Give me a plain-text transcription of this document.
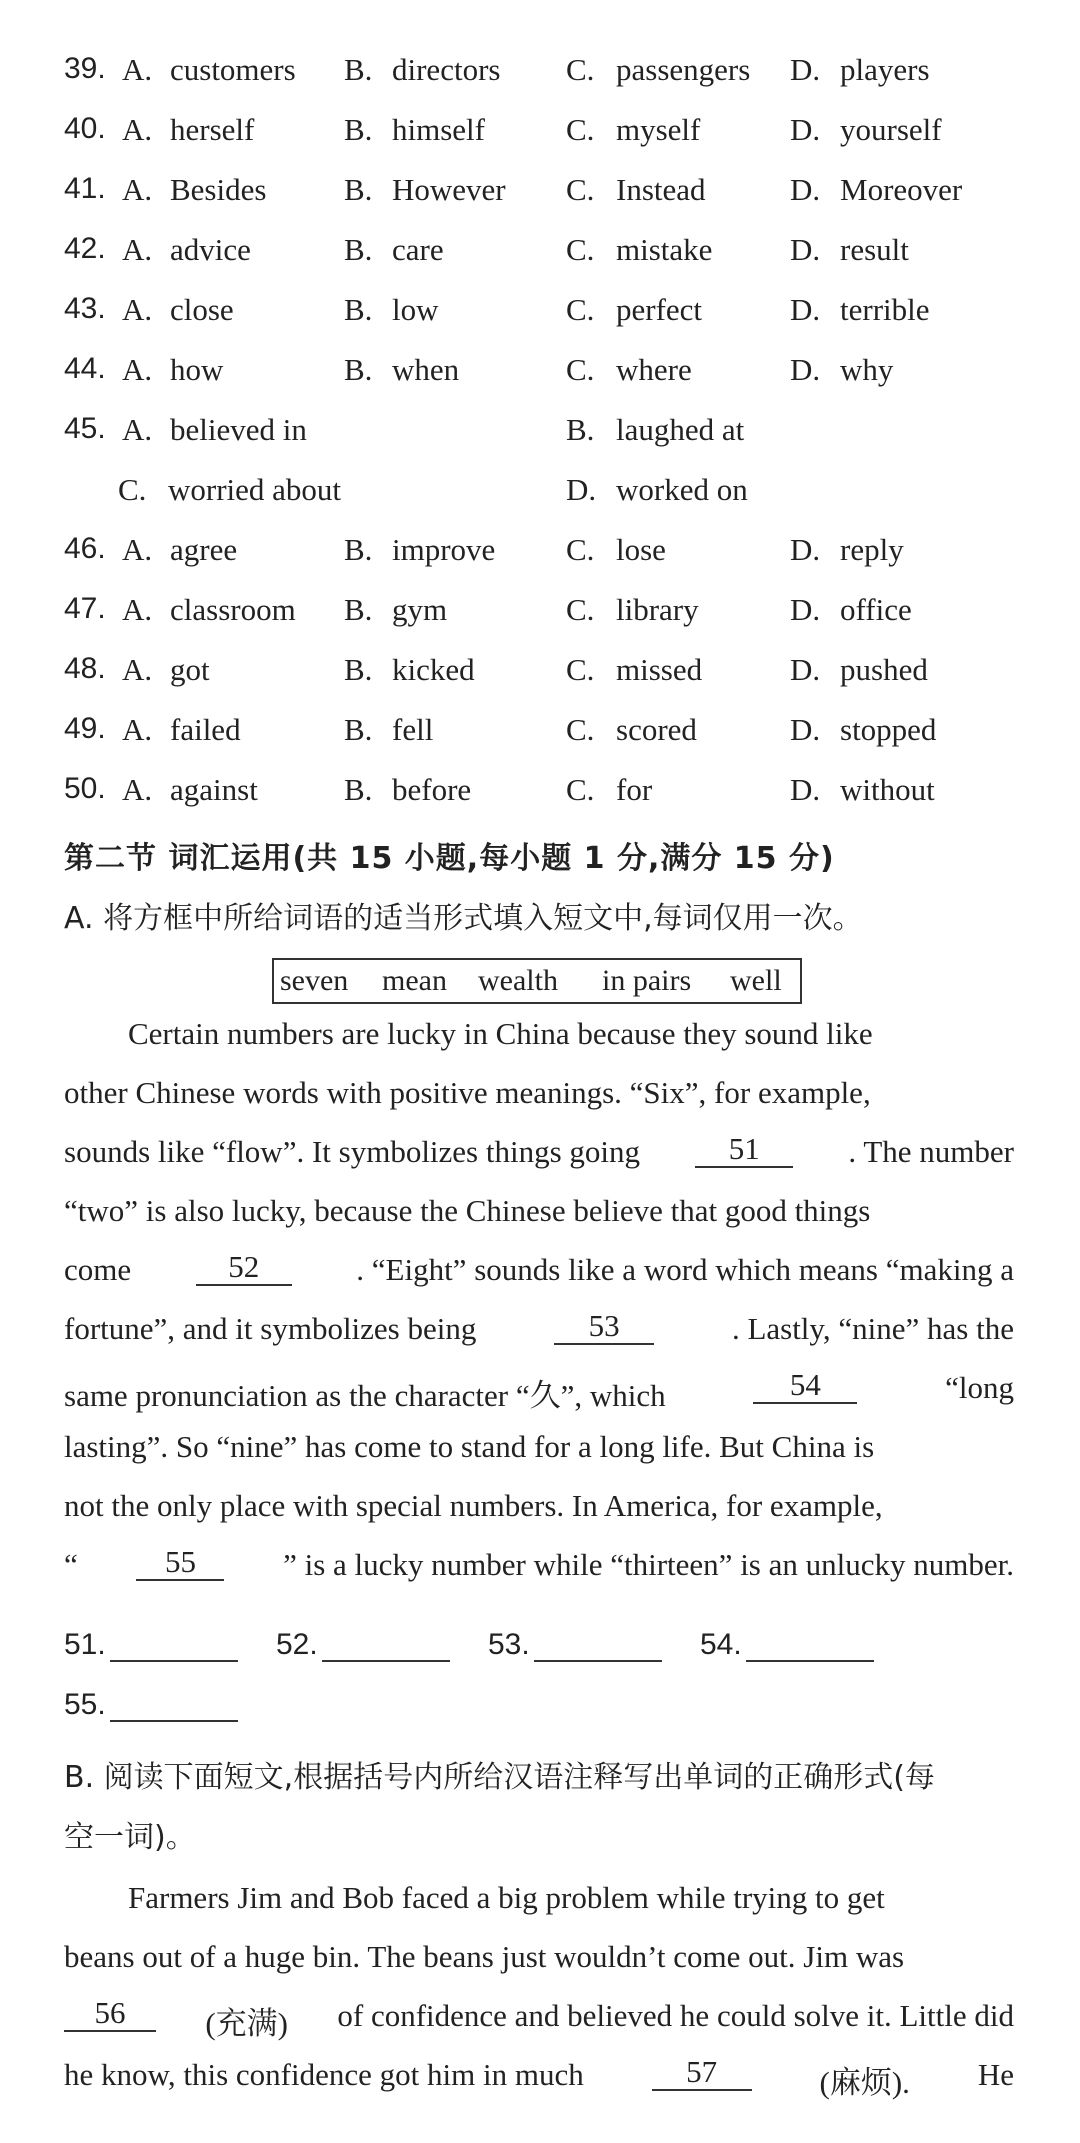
39. A. customers B. directors C. passengers D. players
40. A. herself	B. himself	C. myself	D. yourself
41. A. Besides	B. However C. Instead	D. Moreover
42. A. advice	B. care	C. mistake	D. result
43. A. close	B. low	C. perfect	D. terrible
44. A. how	B. when	C. where	D. why
45. A. believed in	B. laughed at
C. worried about	D. worked on
46. A. agree	B. improve C. lose	D. reply
47. A. classroom B. gym	C. library	D. office
48. A. got	B. kicked	C. missed	D. pushed
49. A. failed	B. fell	C. scored	D. stopped
50. A. against	B. before	C. for	D. without
第二节 词汇运用(共 15 小题,每小题 1 分,满分 15 分)
A. 将方框中所给词语的适当形式填入短文中,每词仅用一次。
seven mean wealth in pairs well
Certain numbers are lucky in China because they sound like
other Chinese words with positive meanings. “Six”, for example,
sounds like “flow”. It symbolizes things going	51	. The number
“two” is also lucky, because the Chinese believe that good things
come	52	. “Eight” sounds like a word which means “making a
fortune”, and it symbolizes being	53	. Lastly, “nine” has the
same pronunciation as the character “久”, which	54	“long
lasting”. So “nine” has come to stand for a long life. But China is
not the only place with special numbers. In America, for example,
“	55	” is a lucky number while “thirteen” is an unlucky number.
51.	52.	53.	54.
55.
B. 阅读下面短文,根据括号内所给汉语注释写出单词的正确形式(每
空一词)。
Farmers Jim and Bob faced a big problem while trying to get
beans out of a huge bin. The beans just wouldn’t come out. Jim was
56	(充满) of confidence and believed he could solve it. Little did
he know, this confidence got him in much	57	(麻烦). He
